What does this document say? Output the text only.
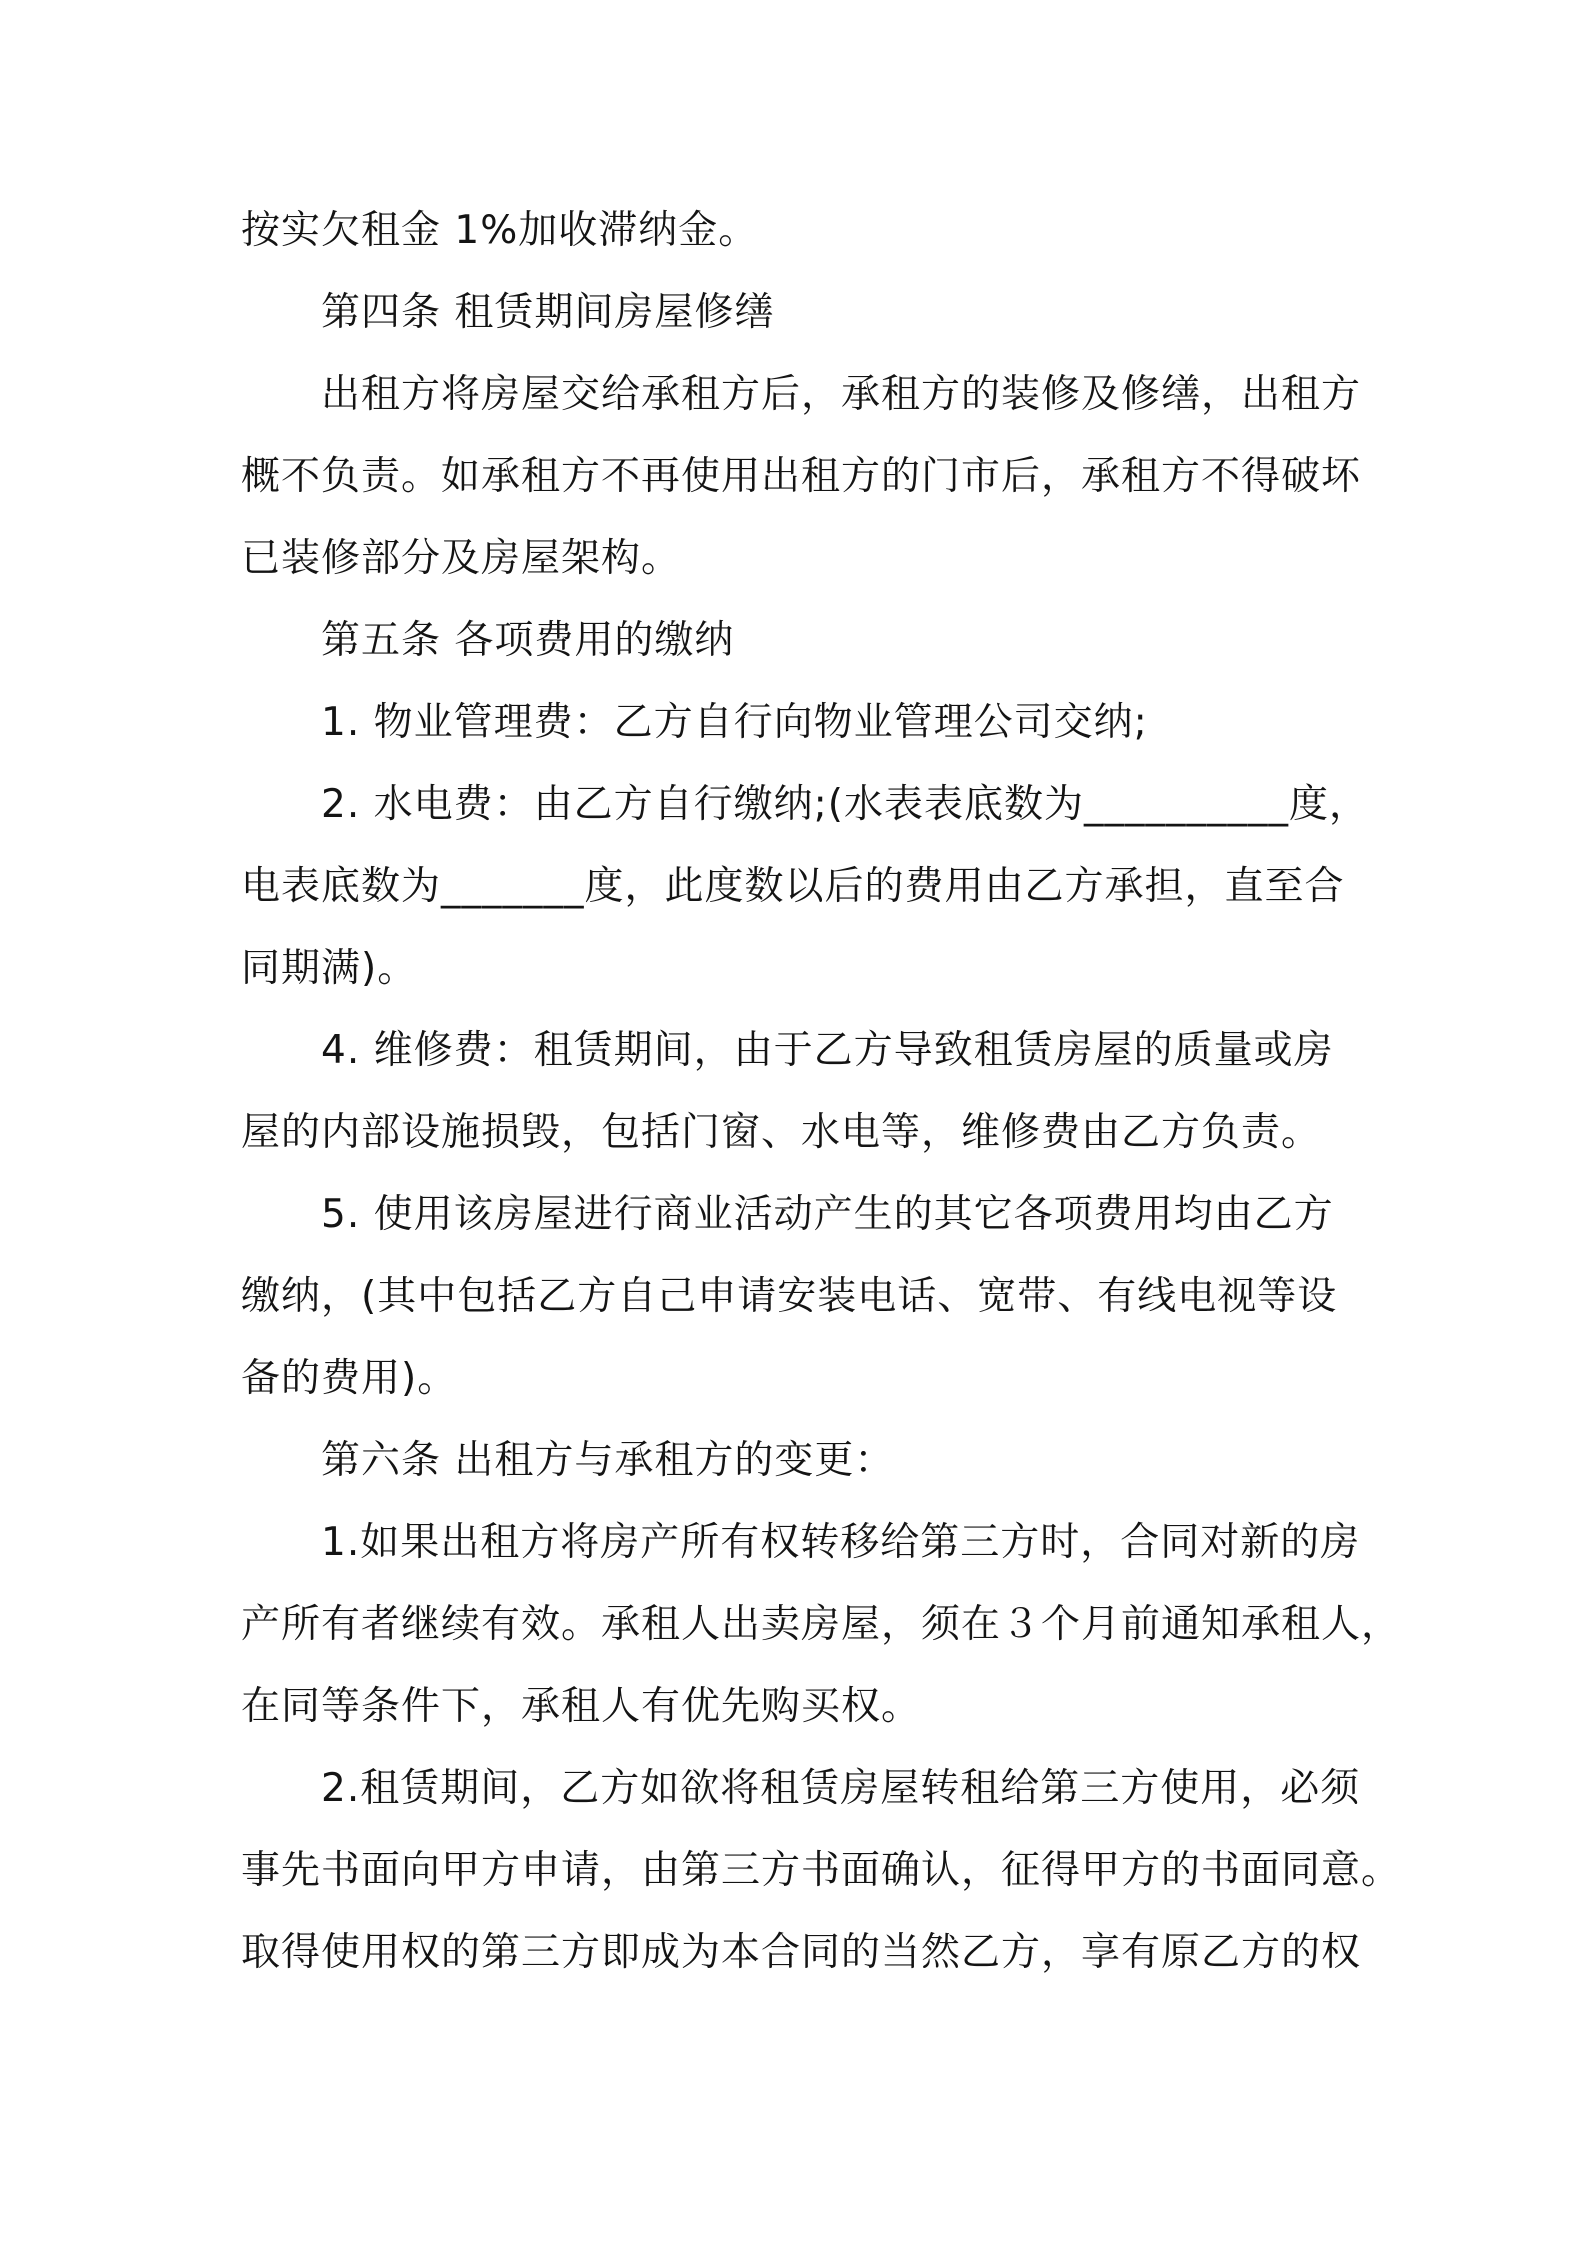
按实欠租金 1%加收滞纳金。
第四条 租赁期间房屋修缮
出租方将房屋交给承租方后，承租方的装修及修缮，出租方
概不负责。如承租方不再使用出租方的门市后，承租方不得破坏
已装修部分及房屋架构。
第五条 各项费用的缴纳
1. 物业管理费：乙方自行向物业管理公司交纳;
2. 水电费：由乙方自行缴纳;(水表表底数为__________度，
电表底数为_______度，此度数以后的费用由乙方承担，直至合
同期满)。
4. 维修费：租赁期间，由于乙方导致租赁房屋的质量或房
屋的内部设施损毁，包括门窗、水电等，维修费由乙方负责。
5. 使用该房屋进行商业活动产生的其它各项费用均由乙方
缴纳，(其中包括乙方自己申请安装电话、宽带、有线电视等设
备的费用)。
第六条 出租方与承租方的变更：
1.如果出租方将房产所有权转移给第三方时，合同对新的房
产所有者继续有效。承租人出卖房屋，须在３个月前通知承租人，
在同等条件下，承租人有优先购买权。
2.租赁期间，乙方如欲将租赁房屋转租给第三方使用，必须
事先书面向甲方申请，由第三方书面确认，征得甲方的书面同意。
取得使用权的第三方即成为本合同的当然乙方，享有原乙方的权
